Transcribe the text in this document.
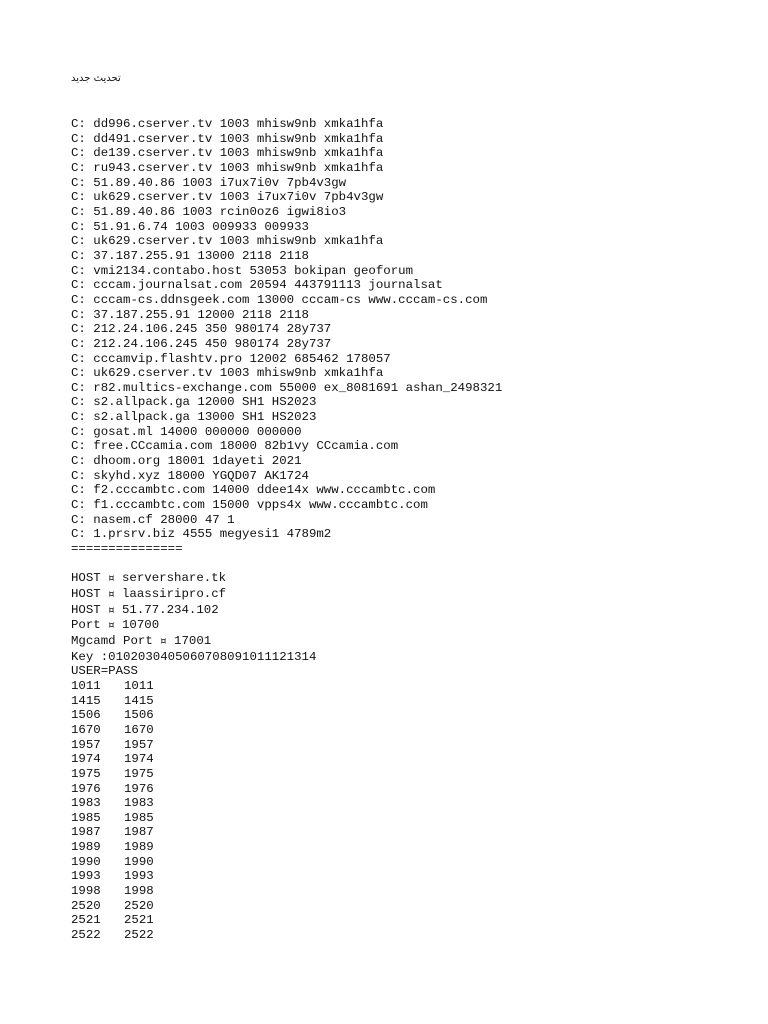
تحديث جديد
C: dd996.cserver.tv 1003 mhisw9nb xmka1hfa
C: dd491.cserver.tv 1003 mhisw9nb xmka1hfa
C: de139.cserver.tv 1003 mhisw9nb xmka1hfa
C: ru943.cserver.tv 1003 mhisw9nb xmka1hfa
C: 51.89.40.86 1003 i7ux7i0v 7pb4v3gw
C: uk629.cserver.tv 1003 i7ux7i0v 7pb4v3gw
C: 51.89.40.86 1003 rcin0oz6 igwi8io3
C: 51.91.6.74 1003 009933 009933
C: uk629.cserver.tv 1003 mhisw9nb xmka1hfa
C: 37.187.255.91 13000 2118 2118
C: vmi2134.contabo.host 53053 bokipan geoforum
C: cccam.journalsat.com 20594 443791113 journalsat
C: cccam-cs.ddnsgeek.com 13000 cccam-cs www.cccam-cs.com
C: 37.187.255.91 12000 2118 2118
C: 212.24.106.245 350 980174 28y737
C: 212.24.106.245 450 980174 28y737
C: cccamvip.flashtv.pro 12002 685462 178057
C: uk629.cserver.tv 1003 mhisw9nb xmka1hfa
C: r82.multics-exchange.com 55000 ex_8081691 ashan_2498321
C: s2.allpack.ga 12000 SH1 HS2023
C: s2.allpack.ga 13000 SH1 HS2023
C: gosat.ml 14000 000000 000000
C: free.CCcamia.com 18000 82b1vy CCcamia.com
C: dhoom.org 18001 1dayeti 2021
C: skyhd.xyz 18000 YGQD07 AK1724
C: f2.cccambtc.com 14000 ddee14x www.cccambtc.com
C: f1.cccambtc.com 15000 vpps4x www.cccambtc.com
C: nasem.cf 28000 47 1
C: 1.prsrv.biz 4555 megyesi1 4789m2
===============
HOST ¤ servershare.tk
HOST ¤ laassiripro.cf
HOST ¤ 51.77.234.102
Port ¤ 10700
Mgcamd Port ¤ 17001
Key :0102030405060708091011121314
USER=PASS
1011	1011
1415	1415
1506	1506
1670	1670
1957	1957
1974	1974
1975	1975
1976	1976
1983	1983
1985	1985
1987	1987
1989	1989
1990	1990
1993	1993
1998	1998
2520	2520
2521	2521
2522	2522
